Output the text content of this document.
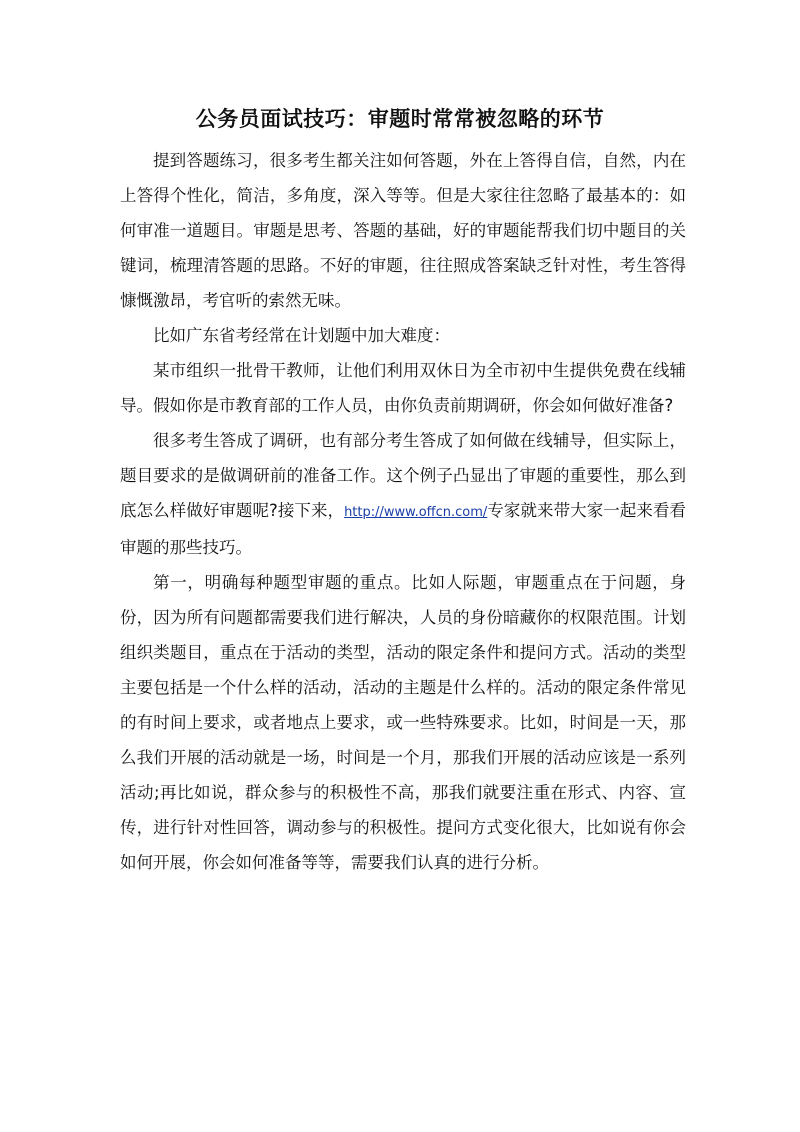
公务员面试技巧：审题时常常被忽略的环节

提到答题练习，很多考生都关注如何答题，外在上答得自信，自然，内在上答得个性化，简洁，多角度，深入等等。但是大家往往忽略了最基本的：如何审准一道题目。审题是思考、答题的基础，好的审题能帮我们切中题目的关键词，梳理清答题的思路。不好的审题，往往照成答案缺乏针对性，考生答得慷慨激昂，考官听的索然无味。

比如广东省考经常在计划题中加大难度：

某市组织一批骨干教师，让他们利用双休日为全市初中生提供免费在线辅导。假如你是市教育部的工作人员，由你负责前期调研，你会如何做好准备?

很多考生答成了调研，也有部分考生答成了如何做在线辅导，但实际上，题目要求的是做调研前的准备工作。这个例子凸显出了审题的重要性，那么到底怎么样做好审题呢?接下来，http://www.offcn.com/专家就来带大家一起来看看审题的那些技巧。

第一，明确每种题型审题的重点。比如人际题，审题重点在于问题，身份，因为所有问题都需要我们进行解决，人员的身份暗藏你的权限范围。计划组织类题目，重点在于活动的类型，活动的限定条件和提问方式。活动的类型主要包括是一个什么样的活动，活动的主题是什么样的。活动的限定条件常见的有时间上要求，或者地点上要求，或一些特殊要求。比如，时间是一天，那么我们开展的活动就是一场，时间是一个月，那我们开展的活动应该是一系列活动;再比如说，群众参与的积极性不高，那我们就要注重在形式、内容、宣传，进行针对性回答，调动参与的积极性。提问方式变化很大，比如说有你会如何开展，你会如何准备等等，需要我们认真的进行分析。
